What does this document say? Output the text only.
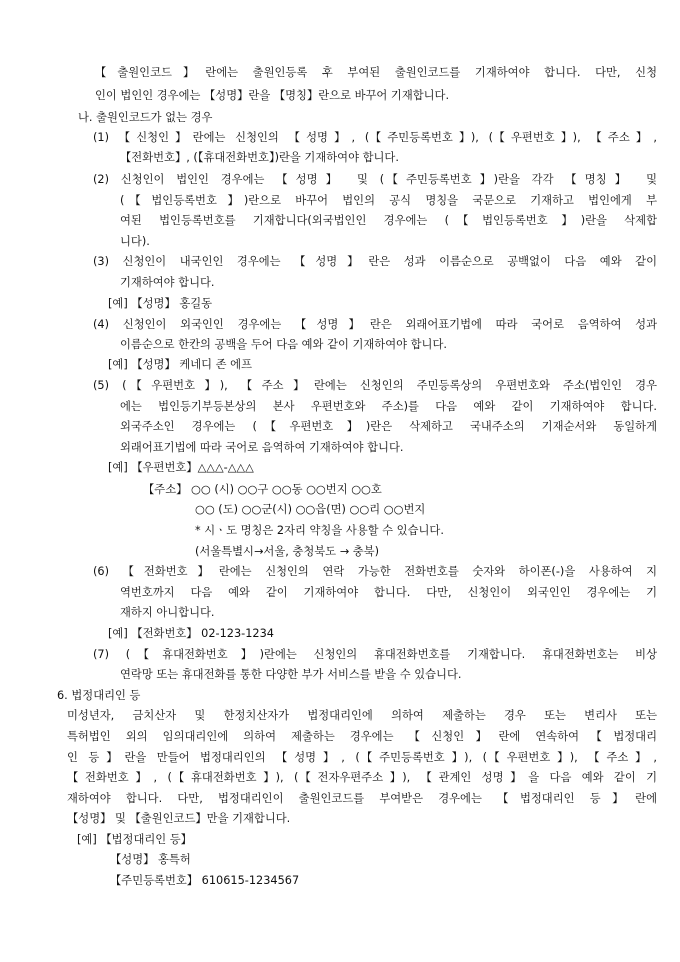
【출원인코드】란에는 출원인등록 후 부여된 출원인코드를 기재하여야 합니다. 다만, 신청
인이 법인인 경우에는 【성명】란을 【명칭】란으로 바꾸어 기재합니다.
나. 출원인코드가 없는 경우
(1) 【신청인】란에는 신청인의 【성명】, (【주민등록번호】), (【우편번호】), 【주소】,
【전화번호】, (【휴대전화번호】)란을 기재하여야 합니다.
(2) 신청인이 법인인 경우에는 【성명】 및 (【주민등록번호】)란을 각각 【명칭】 및
(【법인등록번호】)란으로 바꾸어 법인의 공식 명칭을 국문으로 기재하고 법인에게 부
여된 법인등록번호를 기재합니다(외국법인인 경우에는 (【법인등록번호】)란을 삭제합
니다).
(3) 신청인이 내국인인 경우에는 【성명】란은 성과 이름순으로 공백없이 다음 예와 같이
기재하여야 합니다.
[예] 【성명】 홍길동
(4) 신청인이 외국인인 경우에는 【성명】란은 외래어표기법에 따라 국어로 음역하여 성과
이름순으로 한칸의 공백을 두어 다음 예와 같이 기재하여야 합니다.
[예] 【성명】 케네디 존 에프
(5) (【우편번호】), 【주소】란에는 신청인의 주민등록상의 우편번호와 주소(법인인 경우
에는 법인등기부등본상의 본사 우편번호와 주소)를 다음 예와 같이 기재하여야 합니다.
외국주소인 경우에는 (【우편번호】)란은 삭제하고 국내주소의 기재순서와 동일하게
외래어표기법에 따라 국어로 음역하여 기재하여야 합니다.
[예] 【우편번호】△△△-△△△
【주소】 ○○ (시) ○○구 ○○동 ○○번지 ○○호
○○ (도) ○○군(시) ○○읍(면) ○○리 ○○번지
* 시ㆍ도 명칭은 2자리 약칭을 사용할 수 있습니다.
(서울특별시→서울, 충청북도 → 충북)
(6) 【전화번호】란에는 신청인의 연락 가능한 전화번호를 숫자와 하이폰(-)을 사용하여 지
역번호까지 다음 예와 같이 기재하여야 합니다. 다만, 신청인이 외국인인 경우에는 기
재하지 아니합니다.
[예] 【전화번호】 02-123-1234
(7) (【휴대전화번호】)란에는 신청인의 휴대전화번호를 기재합니다. 휴대전화번호는 비상
연락망 또는 휴대전화를 통한 다양한 부가 서비스를 받을 수 있습니다.
6. 법정대리인 등
미성년자, 금치산자 및 한정치산자가 법정대리인에 의하여 제출하는 경우 또는 변리사 또는
특허법인 외의 임의대리인에 의하여 제출하는 경우에는 【신청인】란에 연속하여【법정대리
인 등】란을 만들어 법정대리인의 【성명】, (【주민등록번호】), (【우편번호】), 【주소】,
【전화번호】, (【휴대전화번호】), (【전자우편주소】), 【관계인 성명】을 다음 예와 같이 기
재하여야 합니다. 다만, 법정대리인이 출원인코드를 부여받은 경우에는 【법정대리인 등】란에
【성명】 및 【출원인코드】만을 기재합니다.
[예] 【법정대리인 등】
【성명】 홍특허
【주민등록번호】 610615-1234567
